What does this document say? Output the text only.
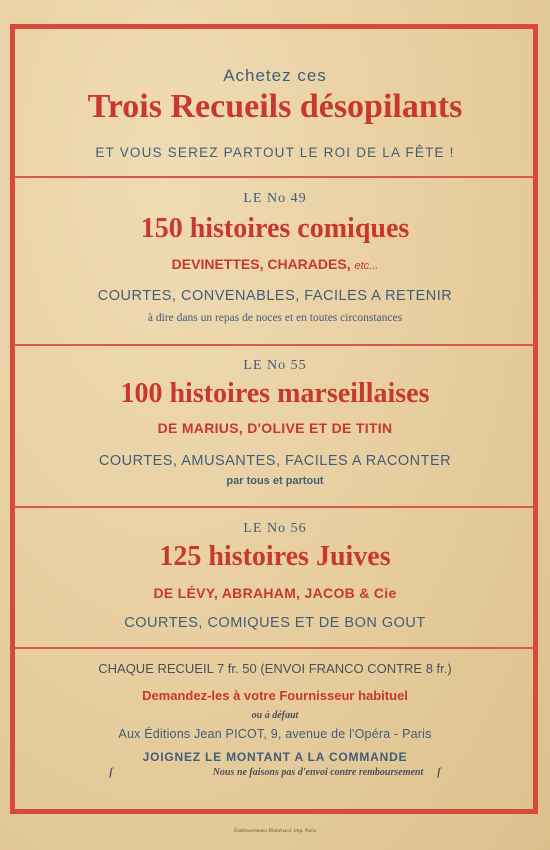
Achetez ces
Trois Recueils désopilants
ET VOUS SEREZ PARTOUT LE ROI DE LA FÊTE !
LE No 49
150 histoires comiques
DEVINETTES, CHARADES, etc...
COURTES, CONVENABLES, FACILES A RETENIR
à dire dans un repas de noces et en toutes circonstances
LE No 55
100 histoires marseillaises
DE MARIUS, D'OLIVE ET DE TITIN
COURTES, AMUSANTES, FACILES A RACONTER
par tous et partout
LE No 56
125 histoires Juives
DE LÉVY, ABRAHAM, JACOB & Cie
COURTES, COMIQUES ET DE BON GOUT
CHAQUE RECUEIL 7 fr. 50 (ENVOI FRANCO CONTRE 8 fr.)
Demandez-les à votre Fournisseur habituel
ou à défaut
Aux Éditions Jean PICOT, 9, avenue de l'Opéra - Paris
JOIGNEZ LE MONTANT A LA COMMANDE
ſ	Nous ne faisons pas d'envoi contre remboursement ſ
Établissements Blanchard, imp. Paris
